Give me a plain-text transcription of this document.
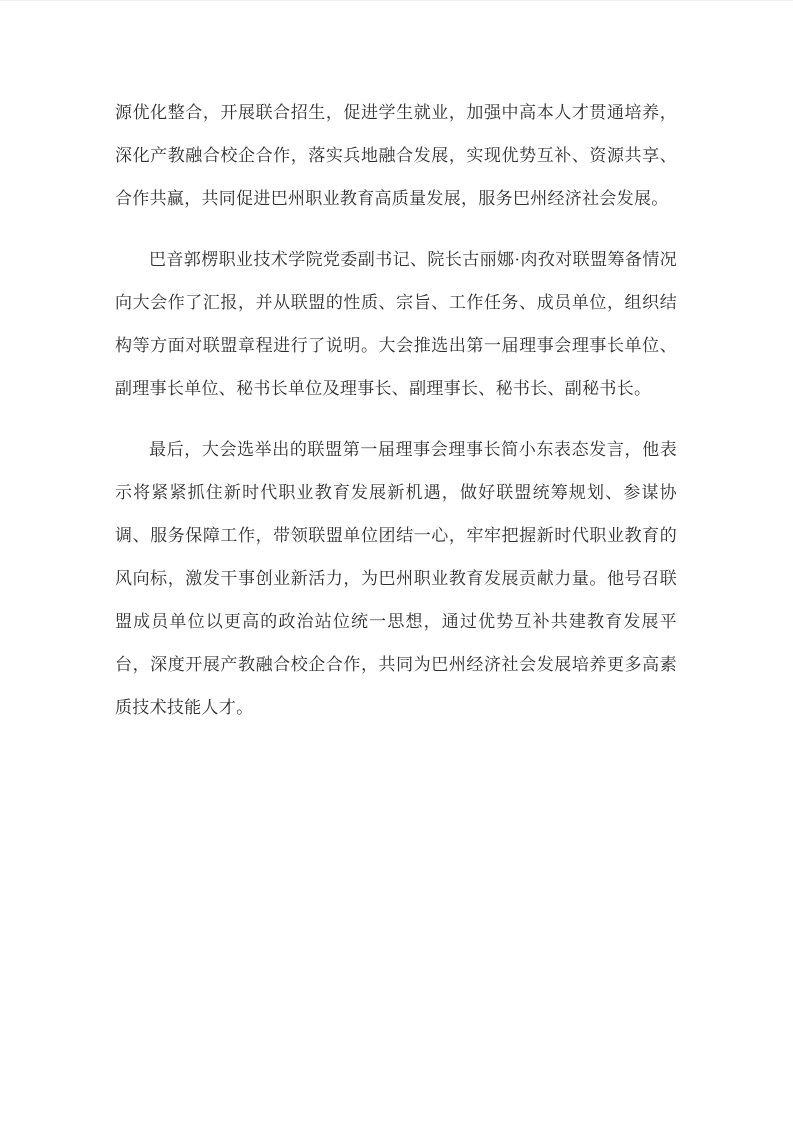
源优化整合，开展联合招生，促进学生就业，加强中高本人才贯通培养，深化产教融合校企合作，落实兵地融合发展，实现优势互补、资源共享、合作共赢，共同促进巴州职业教育高质量发展，服务巴州经济社会发展。

巴音郭楞职业技术学院党委副书记、院长古丽娜·肉孜对联盟筹备情况向大会作了汇报，并从联盟的性质、宗旨、工作任务、成员单位，组织结构等方面对联盟章程进行了说明。大会推选出第一届理事会理事长单位、副理事长单位、秘书长单位及理事长、副理事长、秘书长、副秘书长。

最后，大会选举出的联盟第一届理事会理事长简小东表态发言，他表示将紧紧抓住新时代职业教育发展新机遇，做好联盟统筹规划、参谋协调、服务保障工作，带领联盟单位团结一心，牢牢把握新时代职业教育的风向标，激发干事创业新活力，为巴州职业教育发展贡献力量。他号召联盟成员单位以更高的政治站位统一思想，通过优势互补共建教育发展平台，深度开展产教融合校企合作，共同为巴州经济社会发展培养更多高素质技术技能人才。
